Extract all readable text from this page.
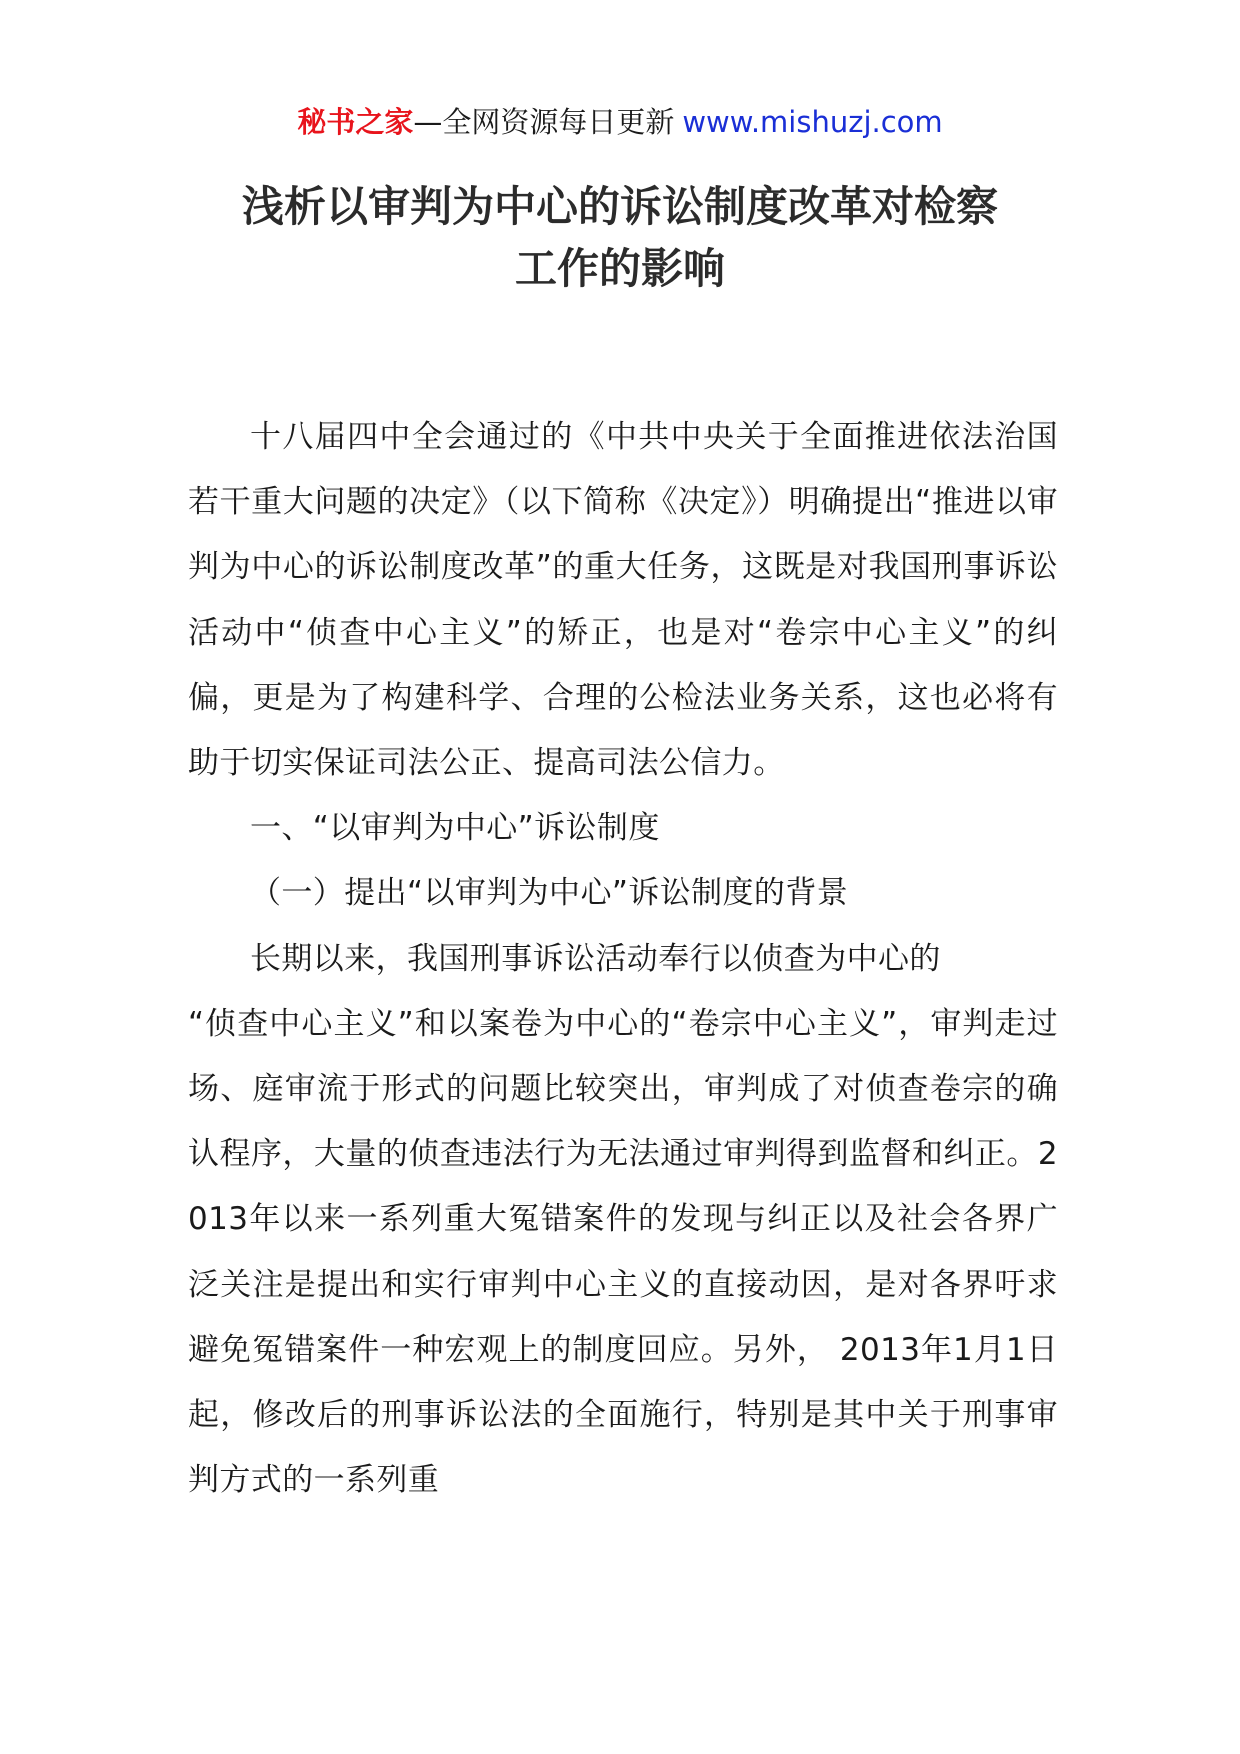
秘书之家—全网资源每日更新 www.mishuzj.com
浅析以审判为中心的诉讼制度改革对检察
工作的影响

十八届四中全会通过的《中共中央关于全面推进依法治国若干重大问题的决定》（以下简称《决定》）明确提出“推进以审判为中心的诉讼制度改革”的重大任务，这既是对我国刑事诉讼活动中“侦查中心主义”的矫正，也是对“卷宗中心主义”的纠偏，更是为了构建科学、合理的公检法业务关系，这也必将有助于切实保证司法公正、提高司法公信力。

一、“以审判为中心”诉讼制度

（一）提出“以审判为中心”诉讼制度的背景

长期以来，我国刑事诉讼活动奉行以侦查为中心的

“侦查中心主义”和以案卷为中心的“卷宗中心主义”，审判走过场、庭审流于形式的问题比较突出，审判成了对侦查卷宗的确认程序，大量的侦查违法行为无法通过审判得到监督和纠正。2013年以来一系列重大冤错案件的发现与纠正以及社会各界广泛关注是提出和实行审判中心主义的直接动因，是对各界吁求避免冤错案件一种宏观上的制度回应。另外， 2013年1月1日起，修改后的刑事诉讼法的全面施行，特别是其中关于刑事审判方式的一系列重
